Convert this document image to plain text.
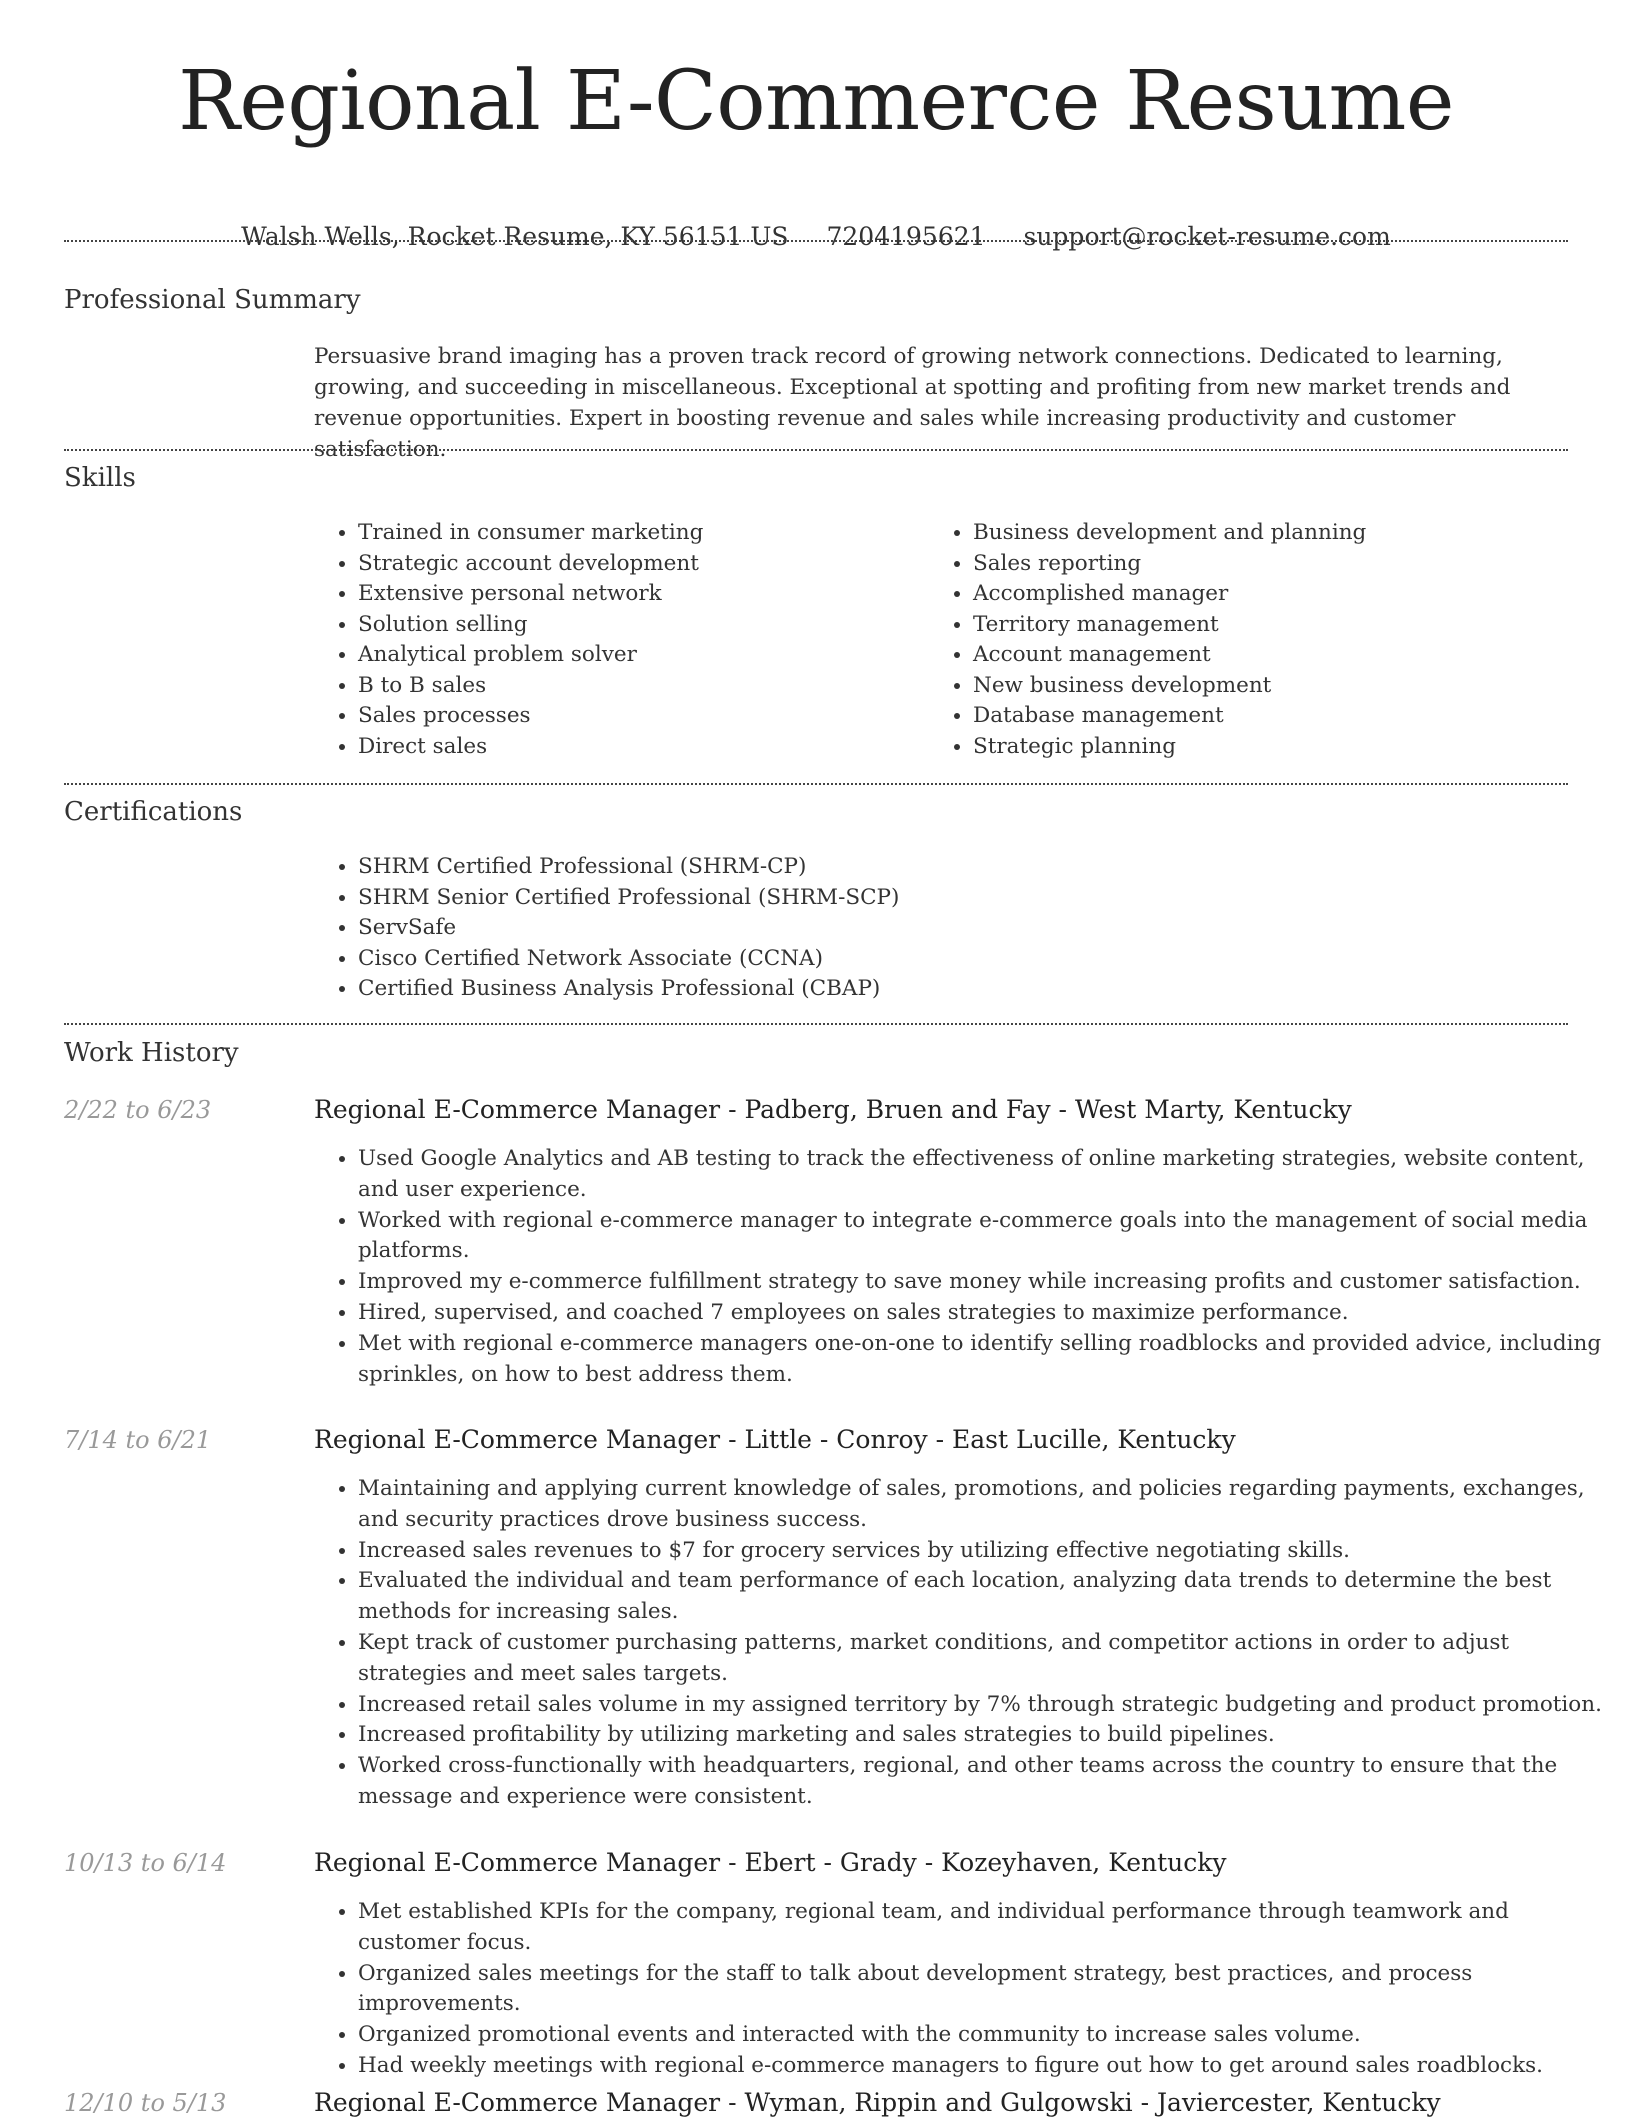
Regional E-Commerce Resume
Walsh Wells, Rocket Resume, KY 56151 US 7204195621 support@rocket-resume.com
Professional Summary

Persuasive brand imaging has a proven track record of growing network connections. Dedicated to learning, growing, and succeeding in miscellaneous. Exceptional at spotting and profiting from new market trends and revenue opportunities. Expert in boosting revenue and sales while increasing productivity and customer satisfaction.

Skills
• Trained in consumer marketing
• Strategic account development
• Extensive personal network
• Solution selling
• Analytical problem solver
• B to B sales
• Sales processes
• Direct sales
• Business development and planning
• Sales reporting
• Accomplished manager
• Territory management
• Account management
• New business development
• Database management
• Strategic planning
Certifications
• SHRM Certified Professional (SHRM-CP)
• SHRM Senior Certified Professional (SHRM-SCP)
• ServSafe
• Cisco Certified Network Associate (CCNA)
• Certified Business Analysis Professional (CBAP)
Work History
2/22 to 6/23	Regional E-Commerce Manager - Padberg, Bruen and Fay - West Marty, Kentucky
• Used Google Analytics and AB testing to track the effectiveness of online marketing strategies, website content, and user experience.
• Worked with regional e-commerce manager to integrate e-commerce goals into the management of social media platforms.
• Improved my e-commerce fulfillment strategy to save money while increasing profits and customer satisfaction.
• Hired, supervised, and coached 7 employees on sales strategies to maximize performance.
• Met with regional e-commerce managers one-on-one to identify selling roadblocks and provided advice, including sprinkles, on how to best address them.
7/14 to 6/21	Regional E-Commerce Manager - Little - Conroy - East Lucille, Kentucky
• Maintaining and applying current knowledge of sales, promotions, and policies regarding payments, exchanges, and security practices drove business success.
• Increased sales revenues to $7 for grocery services by utilizing effective negotiating skills.
• Evaluated the individual and team performance of each location, analyzing data trends to determine the best methods for increasing sales.
• Kept track of customer purchasing patterns, market conditions, and competitor actions in order to adjust strategies and meet sales targets.
• Increased retail sales volume in my assigned territory by 7% through strategic budgeting and product promotion.
• Increased profitability by utilizing marketing and sales strategies to build pipelines.
• Worked cross-functionally with headquarters, regional, and other teams across the country to ensure that the message and experience were consistent.
10/13 to 6/14	Regional E-Commerce Manager - Ebert - Grady - Kozeyhaven, Kentucky
• Met established KPIs for the company, regional team, and individual performance through teamwork and customer focus.
• Organized sales meetings for the staff to talk about development strategy, best practices, and process improvements.
• Organized promotional events and interacted with the community to increase sales volume.
• Had weekly meetings with regional e-commerce managers to figure out how to get around sales roadblocks.
12/10 to 5/13	Regional E-Commerce Manager - Wyman, Rippin and Gulgowski - Javiercester, Kentucky
